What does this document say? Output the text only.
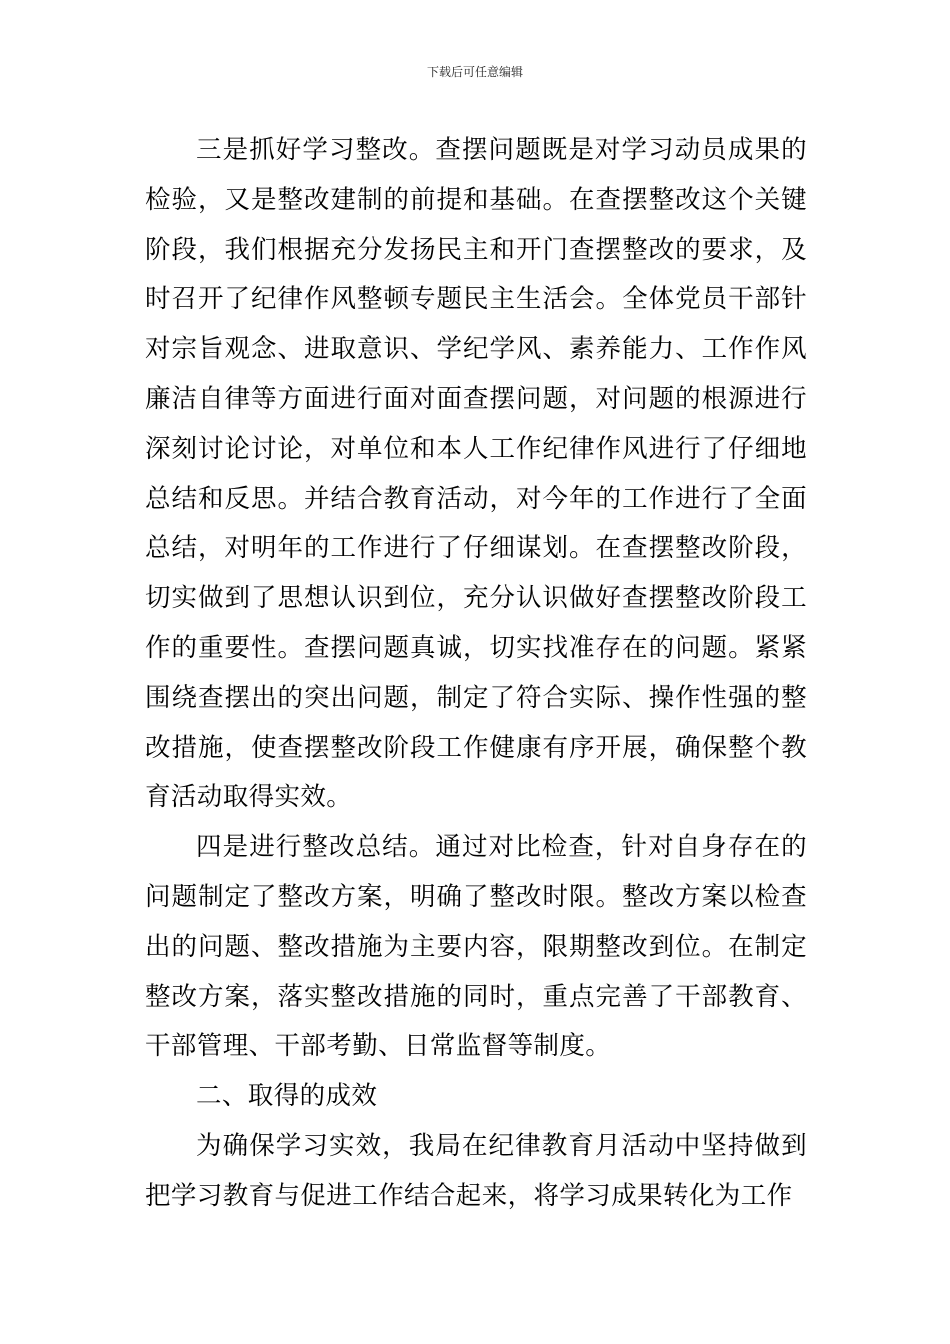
下载后可任意编辑

三是抓好学习整改。查摆问题既是对学习动员成果的检验，又是整改建制的前提和基础。在查摆整改这个关键阶段，我们根据充分发扬民主和开门查摆整改的要求，及时召开了纪律作风整顿专题民主生活会。全体党员干部针对宗旨观念、进取意识、学纪学风、素养能力、工作作风廉洁自律等方面进行面对面查摆问题，对问题的根源进行深刻讨论讨论，对单位和本人工作纪律作风进行了仔细地总结和反思。并结合教育活动，对今年的工作进行了全面总结，对明年的工作进行了仔细谋划。在查摆整改阶段，切实做到了思想认识到位，充分认识做好查摆整改阶段工作的重要性。查摆问题真诚，切实找准存在的问题。紧紧围绕查摆出的突出问题，制定了符合实际、操作性强的整改措施，使查摆整改阶段工作健康有序开展，确保整个教育活动取得实效。

四是进行整改总结。通过对比检查，针对自身存在的问题制定了整改方案，明确了整改时限。整改方案以检查出的问题、整改措施为主要内容，限期整改到位。在制定整改方案，落实整改措施的同时，重点完善了干部教育、干部管理、干部考勤、日常监督等制度。

二、取得的成效

为确保学习实效，我局在纪律教育月活动中坚持做到把学习教育与促进工作结合起来，将学习成果转化为工作
